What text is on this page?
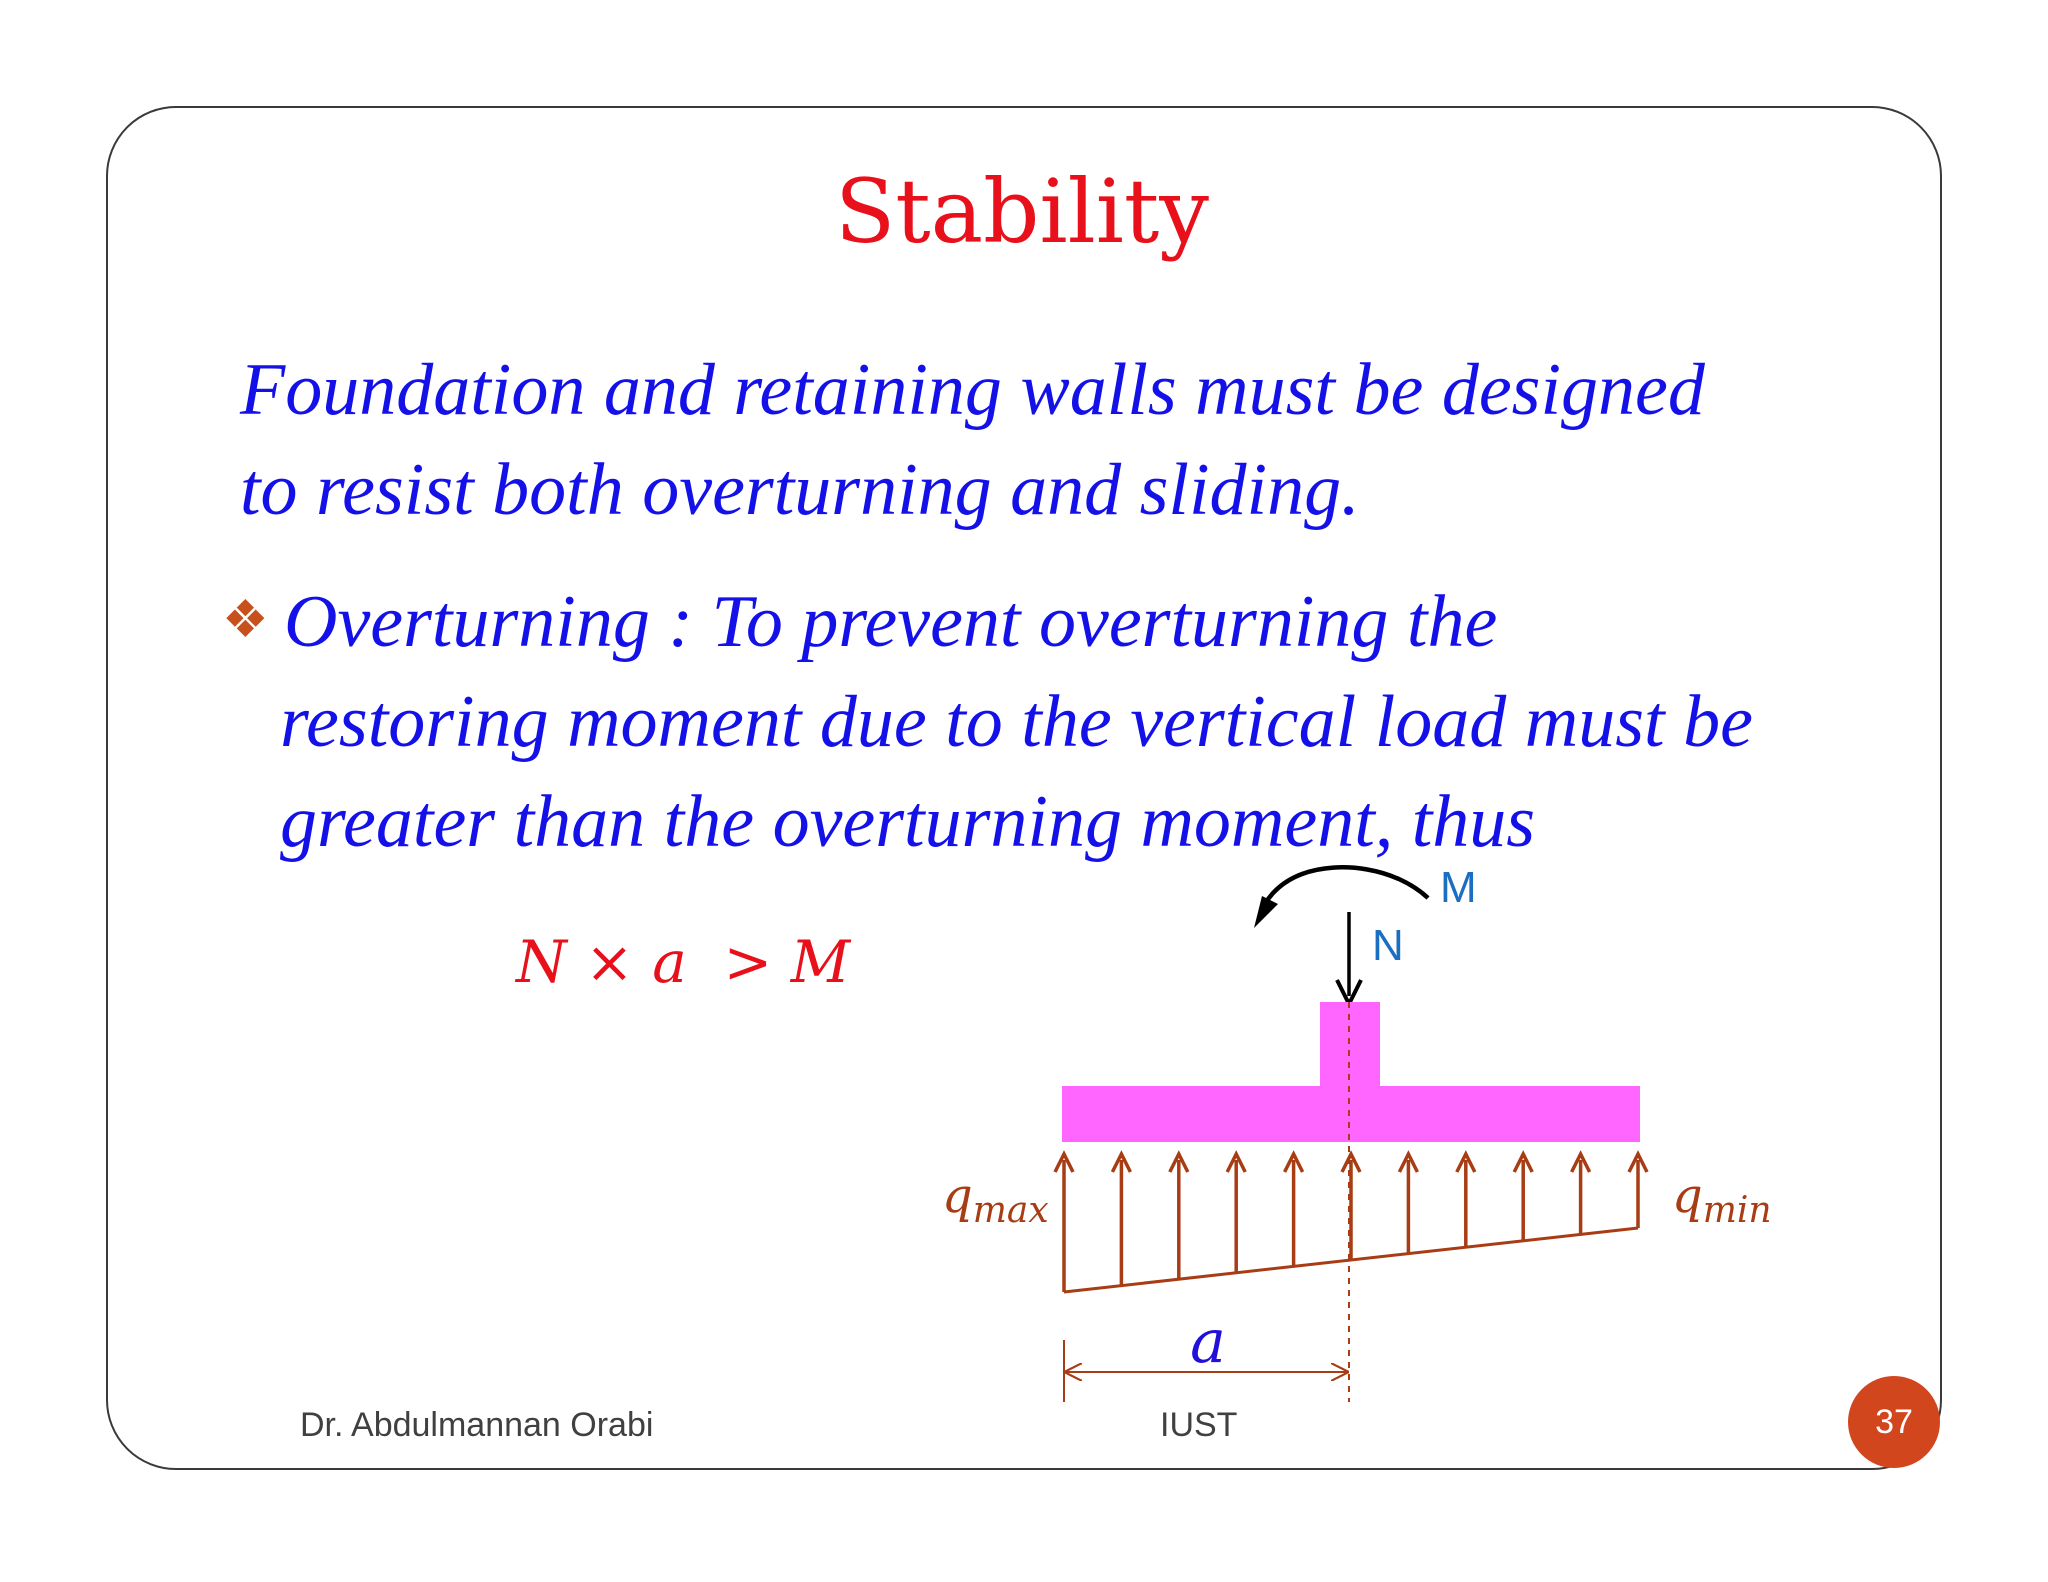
Stability
Foundation and retaining walls must be designed
to resist both overturning and sliding.
❖ Overturning : To prevent overturning the
restoring moment due to the vertical load must be
greater than the overturning moment, thus
N × a  > M
M
N
$q_{max}$	$q_{min}$
a
Dr. Abdulmannan Orabi	IUST	37
